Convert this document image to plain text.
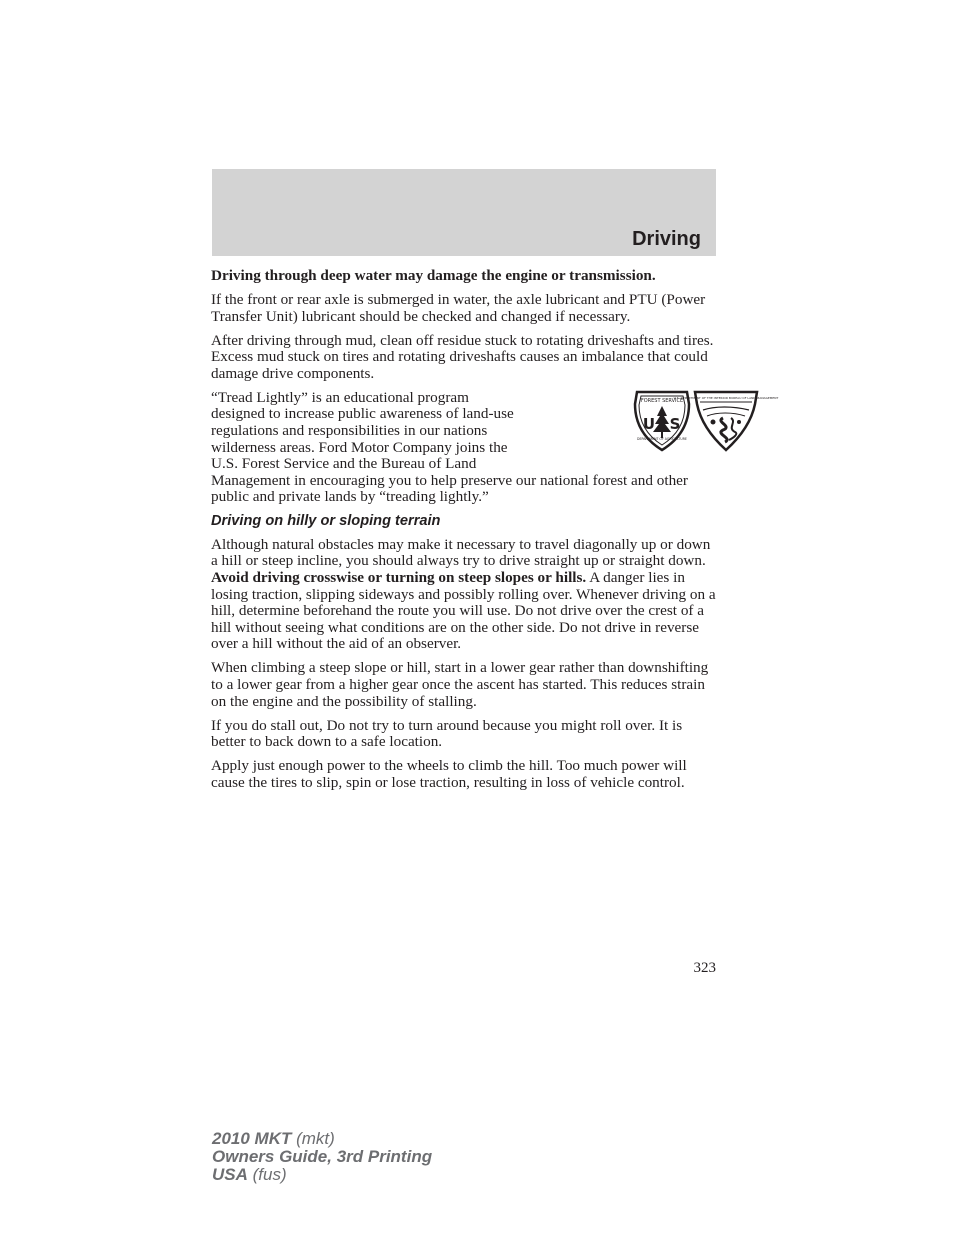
Driving

Driving through deep water may damage the engine or transmission.

If the front or rear axle is submerged in water, the axle lubricant and PTU (Power Transfer Unit) lubricant should be checked and changed if necessary.

After driving through mud, clean off residue stuck to rotating driveshafts and tires. Excess mud stuck on tires and rotating driveshafts causes an imbalance that could damage drive components.

FOREST SERVICE
U S
DEPARTMENT OF AGRICULTURE
U.S. DEPARTMENT OF THE INTERIOR BUREAU OF LAND MANAGEMENT
“Tread Lightly” is an educational program designed to increase public awareness of land-use regulations and responsibilities in our nations wilderness areas. Ford Motor Company joins the U.S. Forest Service and the Bureau of Land Management in encouraging you to help preserve our national forest and other public and private lands by “treading lightly.”

Driving on hilly or sloping terrain

Although natural obstacles may make it necessary to travel diagonally up or down a hill or steep incline, you should always try to drive straight up or straight down. Avoid driving crosswise or turning on steep slopes or hills. A danger lies in losing traction, slipping sideways and possibly rolling over. Whenever driving on a hill, determine beforehand the route you will use. Do not drive over the crest of a hill without seeing what conditions are on the other side. Do not drive in reverse over a hill without the aid of an observer.

When climbing a steep slope or hill, start in a lower gear rather than downshifting to a lower gear from a higher gear once the ascent has started. This reduces strain on the engine and the possibility of stalling.

If you do stall out, Do not try to turn around because you might roll over. It is better to back down to a safe location.

Apply just enough power to the wheels to climb the hill. Too much power will cause the tires to slip, spin or lose traction, resulting in loss of vehicle control.

323
2010 MKT (mkt)
Owners Guide, 3rd Printing
USA (fus)
